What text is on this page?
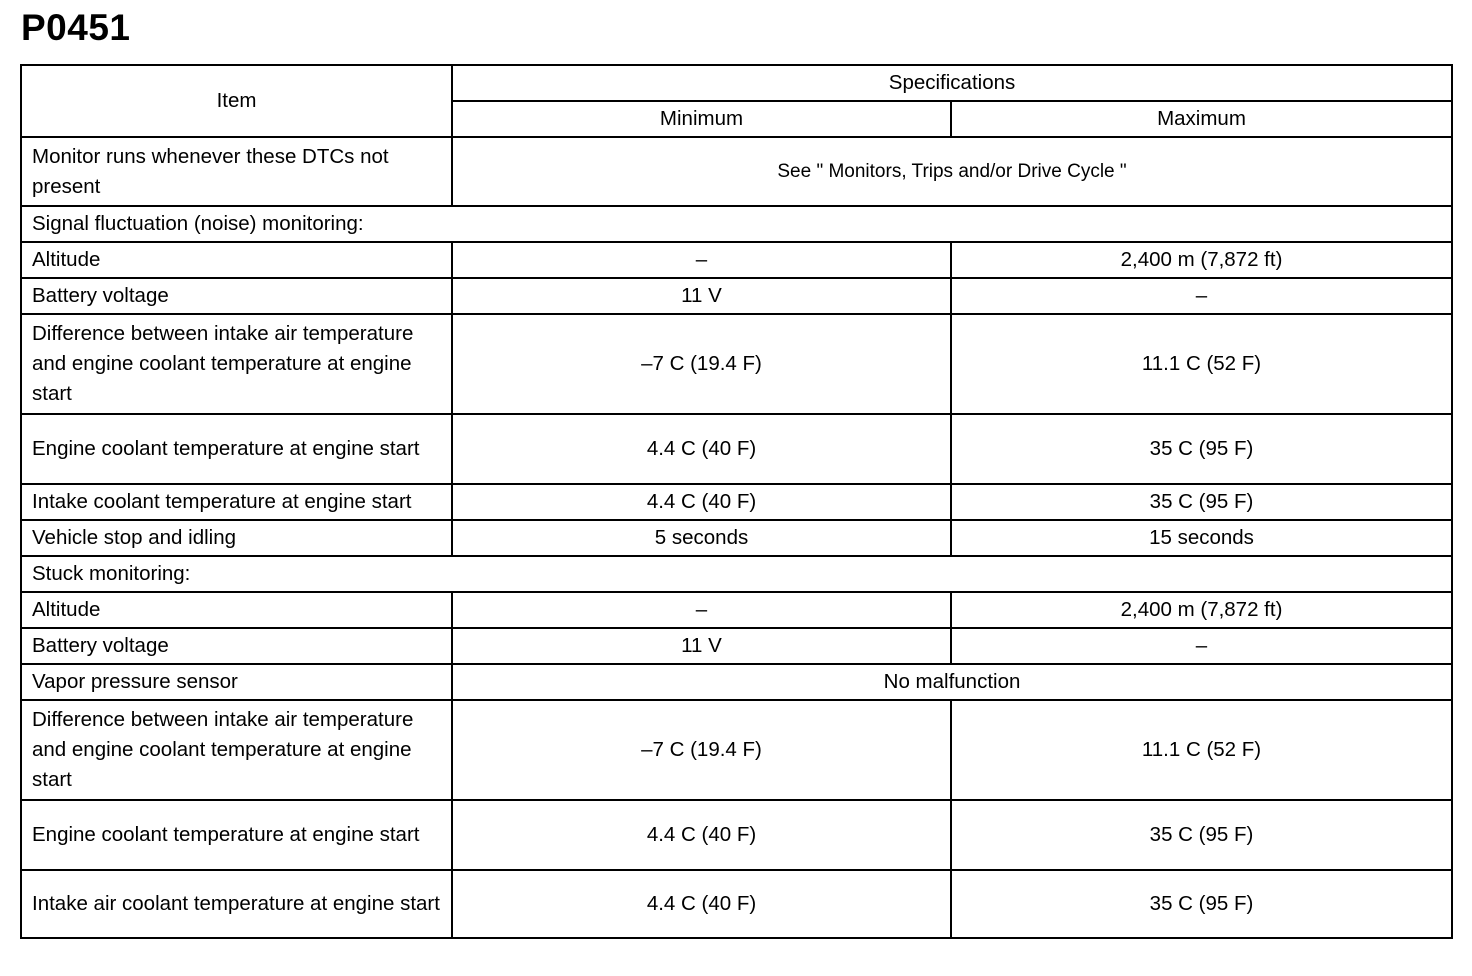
P0451
Item	Specifications	
	Minimum	Maximum
Monitor runs whenever these DTCs not present	See " Monitors, Trips and/or Drive Cycle "	
Signal fluctuation (noise) monitoring:		
Altitude	–	2,400 m (7,872 ft)
Battery voltage	11 V	–
Difference between intake air temperature and engine coolant temperature at engine start	–7 C (19.4 F)	11.1 C (52 F)
Engine coolant temperature at engine start	4.4 C (40 F)	35 C (95 F)
Intake coolant temperature at engine start	4.4 C (40 F)	35 C (95 F)
Vehicle stop and idling	5 seconds	15 seconds
Stuck monitoring:		
Altitude	–	2,400 m (7,872 ft)
Battery voltage	11 V	–
Vapor pressure sensor	No malfunction	
Difference between intake air temperature and engine coolant temperature at engine start	–7 C (19.4 F)	11.1 C (52 F)
Engine coolant temperature at engine start	4.4 C (40 F)	35 C (95 F)
Intake air coolant temperature at engine start	4.4 C (40 F)	35 C (95 F)
